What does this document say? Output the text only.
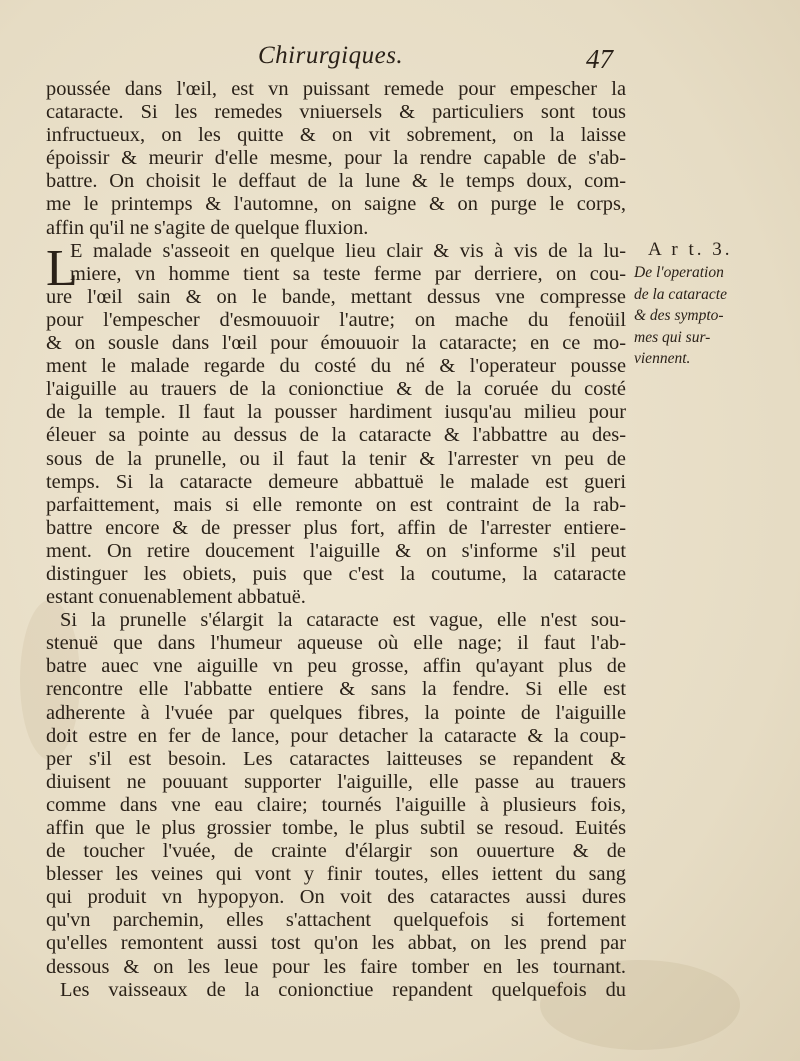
Chirurgiques.	47
L
poussée dans l'œil, est vn puissant remede pour empescher la
cataracte. Si les remedes vniuersels & particuliers sont tous
infructueux, on les quitte & on vit sobrement, on la laisse
époissir & meurir d'elle mesme, pour la rendre capable de s'ab-
battre. On choisit le deffaut de la lune & le temps doux, com-
me le printemps & l'automne, on saigne & on purge le corps,
affin qu'il ne s'agite de quelque fluxion.
E malade s'asseoit en quelque lieu clair & vis à vis de la lu-
miere, vn homme tient sa teste ferme par derriere, on cou-
ure l'œil sain & on le bande, mettant dessus vne compresse
pour l'empescher d'esmouuoir l'autre; on mache du fenoüil
& on sousle dans l'œil pour émouuoir la cataracte; en ce mo-
ment le malade regarde du costé du né & l'operateur pousse
l'aiguille au trauers de la conionctiue & de la coruée du costé
de la temple. Il faut la pousser hardiment iusqu'au milieu pour
éleuer sa pointe au dessus de la cataracte & l'abbattre au des-
sous de la prunelle, ou il faut la tenir & l'arrester vn peu de
temps. Si la cataracte demeure abbattuë le malade est gueri
parfaittement, mais si elle remonte on est contraint de la rab-
battre encore & de presser plus fort, affin de l'arrester entiere-
ment. On retire doucement l'aiguille & on s'informe s'il peut
distinguer les obiets, puis que c'est la coutume, la cataracte
estant conuenablement abbatuë.
Si la prunelle s'élargit la cataracte est vague, elle n'est sou-
stenuë que dans l'humeur aqueuse où elle nage; il faut l'ab-
batre auec vne aiguille vn peu grosse, affin qu'ayant plus de
rencontre elle l'abbatte entiere & sans la fendre. Si elle est
adherente à l'vuée par quelques fibres, la pointe de l'aiguille
doit estre en fer de lance, pour detacher la cataracte & la coup-
per s'il est besoin. Les cataractes laitteuses se repandent &
diuisent ne pouuant supporter l'aiguille, elle passe au trauers
comme dans vne eau claire; tournés l'aiguille à plusieurs fois,
affin que le plus grossier tombe, le plus subtil se resoud. Euités
de toucher l'vuée, de crainte d'élargir son ouuerture & de
blesser les veines qui vont y finir toutes, elles iettent du sang
qui produit vn hypopyon. On voit des cataractes aussi dures
qu'vn parchemin, elles s'attachent quelquefois si fortement
qu'elles remontent aussi tost qu'on les abbat, on les prend par
dessous & on les leue pour les faire tomber en les tournant.
Les vaisseaux de la conionctiue repandent quelquefois du
A r t. 3.
De l'operation
de la cataracte
& des sympto-
mes qui sur-
viennent.
